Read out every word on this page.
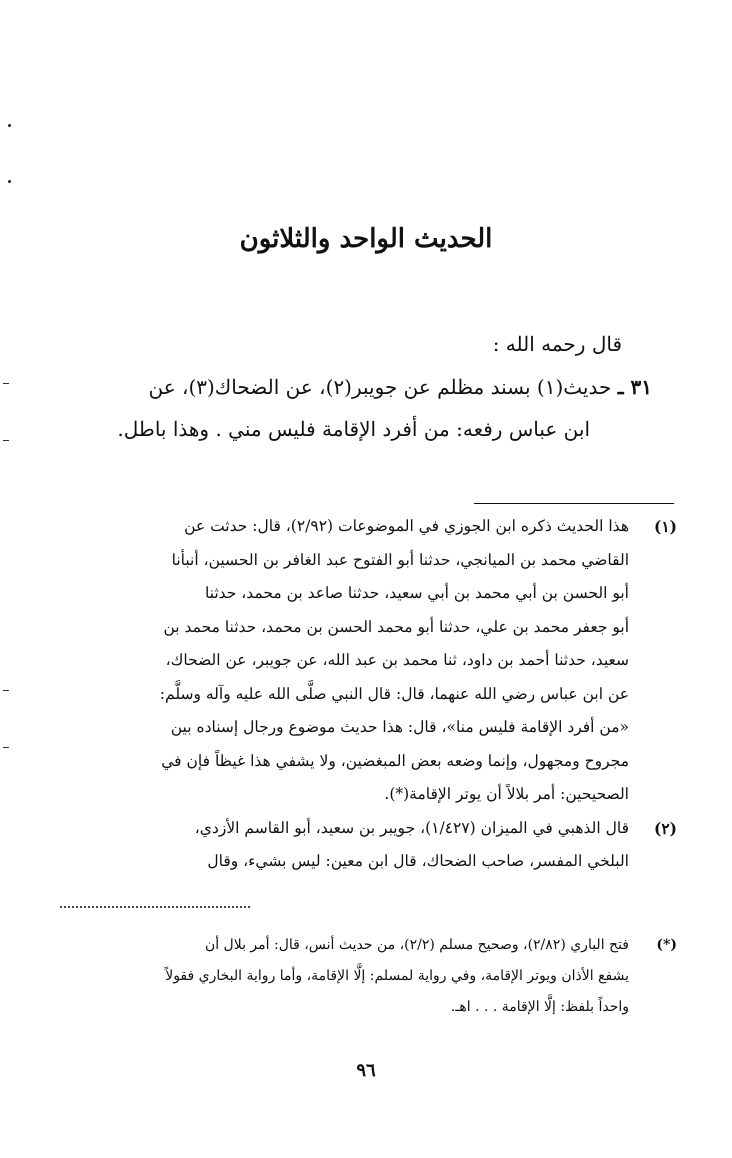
الحديث الواحد والثلاثون
قال رحمه الله :
٣١ ـ حديث(١) بسند مظلم عن جويبر(٢)، عن الضحاك(٣)، عن
ابن عباس رفعه: من أفرد الإقامة فليس مني . وهذا باطل.
(١)
هذا الحديث ذكره ابن الجوزي في الموضوعات (٢/٩٢)، قال: حدثت عن
القاضي محمد بن الميانجي، حدثنا أبو الفتوح عبد الغافر بن الحسين، أنبأنا
أبو الحسن بن أبي محمد بن أبي سعيد، حدثنا صاعد بن محمد، حدثنا
أبو جعفر محمد بن علي، حدثنا أبو محمد الحسن بن محمد، حدثنا محمد بن
سعيد، حدثنا أحمد بن داود، ثنا محمد بن عبد الله، عن جويبر، عن الضحاك،
عن ابن عباس رضي الله عنهما، قال: قال النبي صلَّى الله عليه وآله وسلَّم:
«من أفرد الإقامة فليس منا»، قال: هذا حديث موضوع ورجال إسناده بين
مجروح ومجهول، وإنما وضعه بعض المبغضين، ولا يشفي هذا غيظاً فإن في
الصحيحين: أمر بلالاً أن يوتر الإقامة(*).
(٢)
قال الذهبي في الميزان (١/٤٢٧)، جويبر بن سعيد، أبو القاسم الأزدي،
البلخي المفسر، صاحب الضحاك، قال ابن معين: ليس بشيء، وقال
(*)
فتح الباري (٢/٨٢)، وصحيح مسلم (٢/٢)، من حديث أنس، قال: أمر بلال أن
يشفع الأذان ويوتر الإقامة، وفي رواية لمسلم: إلَّا الإقامة، وأما رواية البخاري فقولاً
واحداً بلفظ: إلَّا الإقامة . . . اهـ.
٩٦
